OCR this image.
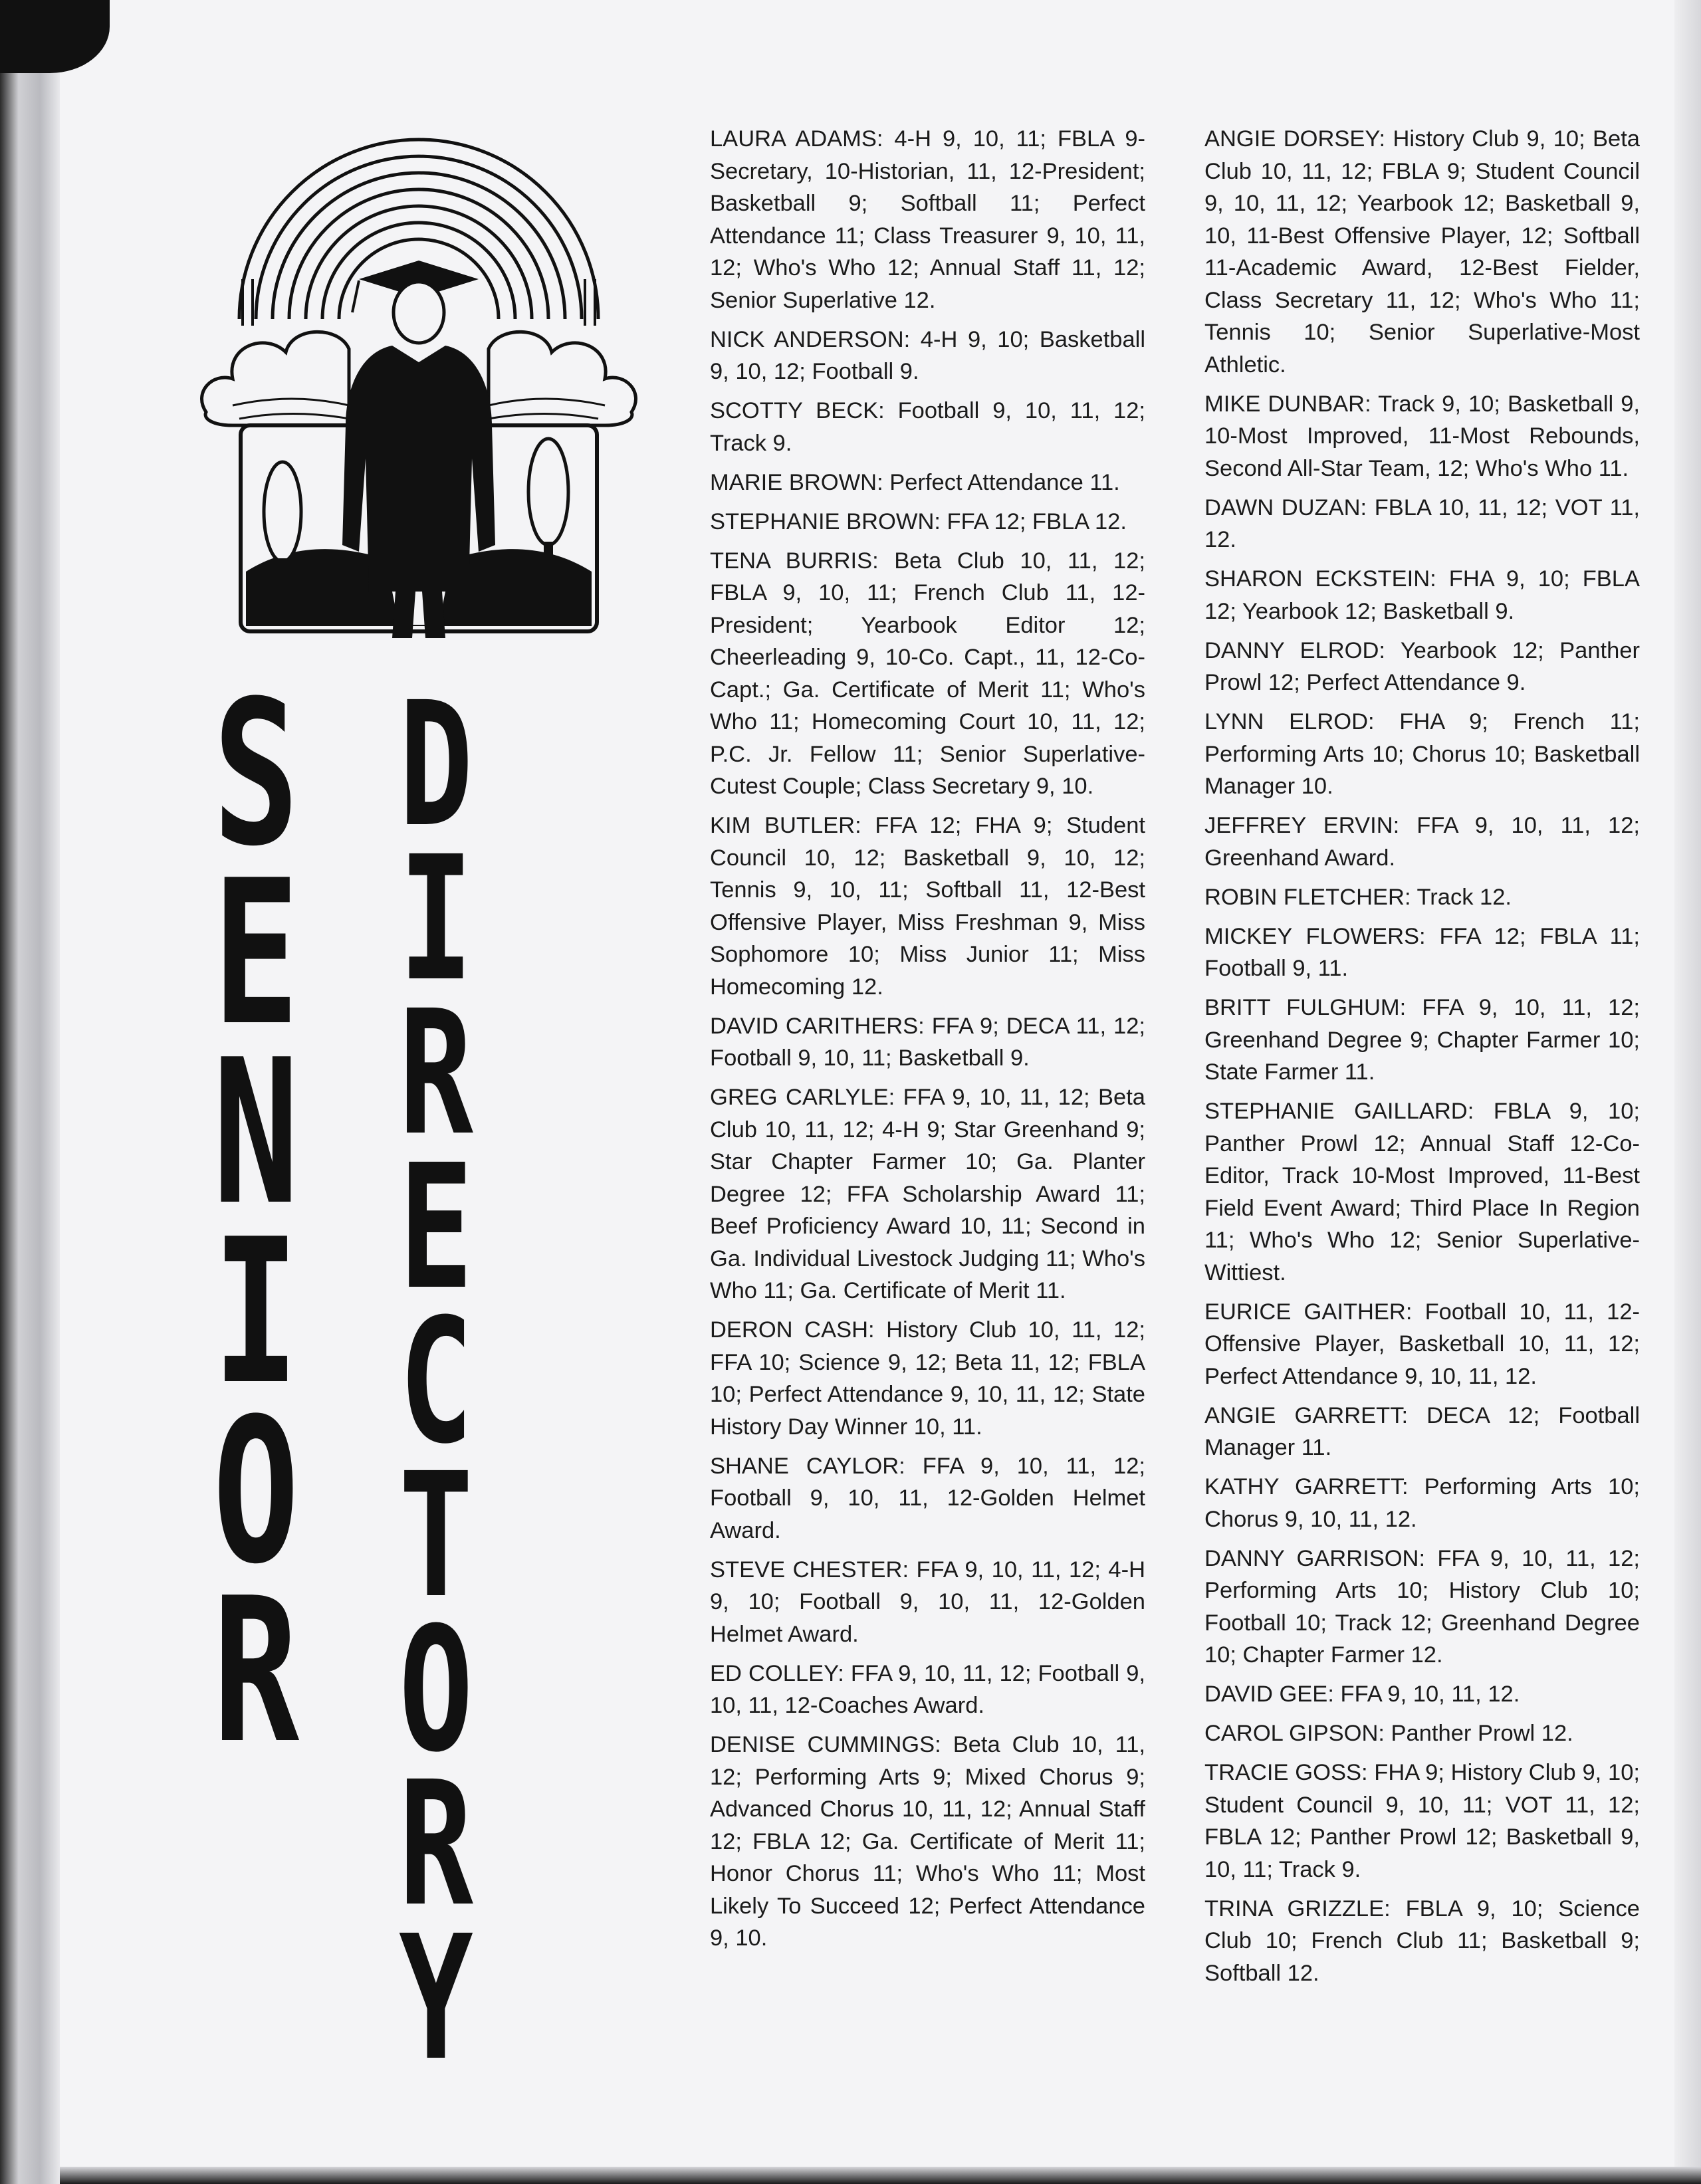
S
E
N
I
O
R
D
I
R
E
C
T
O
R
Y

LAURA ADAMS: 4-H 9, 10, 11; FBLA 9-Secretary, 10-Historian, 11, 12-President; Basketball 9; Softball 11; Perfect Attendance 11; Class Treasurer 9, 10, 11, 12; Who's Who 12; Annual Staff 11, 12; Senior Superlative 12.

NICK ANDERSON: 4-H 9, 10; Basketball 9, 10, 12; Football 9.

SCOTTY BECK: Football 9, 10, 11, 12; Track 9.

MARIE BROWN: Perfect Attendance 11.

STEPHANIE BROWN: FFA 12; FBLA 12.

TENA BURRIS: Beta Club 10, 11, 12; FBLA 9, 10, 11; French Club 11, 12-President; Yearbook Editor 12; Cheerleading 9, 10-Co. Capt., 11, 12-Co-Capt.; Ga. Certificate of Merit 11; Who's Who 11; Homecoming Court 10, 11, 12; P.C. Jr. Fellow 11; Senior Superlative-Cutest Couple; Class Secretary 9, 10.

KIM BUTLER: FFA 12; FHA 9; Student Council 10, 12; Basketball 9, 10, 12; Tennis 9, 10, 11; Softball 11, 12-Best Offensive Player, Miss Freshman 9, Miss Sophomore 10; Miss Junior 11; Miss Homecoming 12.

DAVID CARITHERS: FFA 9; DECA 11, 12; Football 9, 10, 11; Basketball 9.

GREG CARLYLE: FFA 9, 10, 11, 12; Beta Club 10, 11, 12; 4-H 9; Star Greenhand 9; Star Chapter Farmer 10; Ga. Planter Degree 12; FFA Scholarship Award 11; Beef Proficiency Award 10, 11; Second in Ga. Individual Livestock Judging 11; Who's Who 11; Ga. Certificate of Merit 11.

DERON CASH: History Club 10, 11, 12; FFA 10; Science 9, 12; Beta 11, 12; FBLA 10; Perfect Attendance 9, 10, 11, 12; State History Day Winner 10, 11.

SHANE CAYLOR: FFA 9, 10, 11, 12; Football 9, 10, 11, 12-Golden Helmet Award.

STEVE CHESTER: FFA 9, 10, 11, 12; 4-H 9, 10; Football 9, 10, 11, 12-Golden Helmet Award.

ED COLLEY: FFA 9, 10, 11, 12; Football 9, 10, 11, 12-Coaches Award.

DENISE CUMMINGS: Beta Club 10, 11, 12; Performing Arts 9; Mixed Chorus 9; Advanced Chorus 10, 11, 12; Annual Staff 12; FBLA 12; Ga. Certificate of Merit 11; Honor Chorus 11; Who's Who 11; Most Likely To Succeed 12; Perfect Attendance 9, 10.

ANGIE DORSEY: History Club 9, 10; Beta Club 10, 11, 12; FBLA 9; Student Council 9, 10, 11, 12; Yearbook 12; Basketball 9, 10, 11-Best Offensive Player, 12; Softball 11-Academic Award, 12-Best Fielder, Class Secretary 11, 12; Who's Who 11; Tennis 10; Senior Superlative-Most Athletic.

MIKE DUNBAR: Track 9, 10; Basketball 9, 10-Most Improved, 11-Most Rebounds, Second All-Star Team, 12; Who's Who 11.

DAWN DUZAN: FBLA 10, 11, 12; VOT 11, 12.

SHARON ECKSTEIN: FHA 9, 10; FBLA 12; Yearbook 12; Basketball 9.

DANNY ELROD: Yearbook 12; Panther Prowl 12; Perfect Attendance 9.

LYNN ELROD: FHA 9; French 11; Performing Arts 10; Chorus 10; Basketball Manager 10.

JEFFREY ERVIN: FFA 9, 10, 11, 12; Greenhand Award.

ROBIN FLETCHER: Track 12.

MICKEY FLOWERS: FFA 12; FBLA 11; Football 9, 11.

BRITT FULGHUM: FFA 9, 10, 11, 12; Greenhand Degree 9; Chapter Farmer 10; State Farmer 11.

STEPHANIE GAILLARD: FBLA 9, 10; Panther Prowl 12; Annual Staff 12-Co-Editor, Track 10-Most Improved, 11-Best Field Event Award; Third Place In Region 11; Who's Who 12; Senior Superlative-Wittiest.

EURICE GAITHER: Football 10, 11, 12-Offensive Player, Basketball 10, 11, 12; Perfect Attendance 9, 10, 11, 12.

ANGIE GARRETT: DECA 12; Football Manager 11.

KATHY GARRETT: Performing Arts 10; Chorus 9, 10, 11, 12.

DANNY GARRISON: FFA 9, 10, 11, 12; Performing Arts 10; History Club 10; Football 10; Track 12; Greenhand Degree 10; Chapter Farmer 12.

DAVID GEE: FFA 9, 10, 11, 12.

CAROL GIPSON: Panther Prowl 12.

TRACIE GOSS: FHA 9; History Club 9, 10; Student Council 9, 10, 11; VOT 11, 12; FBLA 12; Panther Prowl 12; Basketball 9, 10, 11; Track 9.

TRINA GRIZZLE: FBLA 9, 10; Science Club 10; French Club 11; Basketball 9; Softball 12.
